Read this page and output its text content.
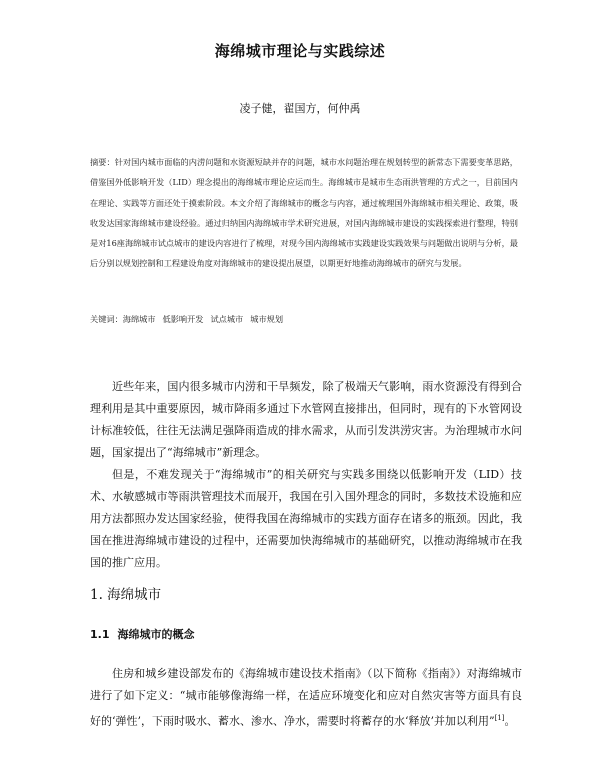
海绵城市理论与实践综述

凌子健，翟国方，何仲禹

摘要：针对国内城市面临的内涝问题和水资源短缺并存的问题，城市水问题治理在规划转型的新常态下需要变革思路，借鉴国外低影响开发（LID）理念提出的海绵城市理论应运而生。海绵城市是城市生态雨洪管理的方式之一，目前国内在理论、实践等方面还处于摸索阶段。本文介绍了海绵城市的概念与内容，通过梳理国外海绵城市相关理论、政策，吸收发达国家海绵城市建设经验。通过归纳国内海绵城市学术研究进展，对国内海绵城市建设的实践探索进行整理，特别是对16座海绵城市试点城市的建设内容进行了梳理，对现今国内海绵城市实践建设实践效果与问题做出说明与分析，最后分别以规划控制和工程建设角度对海绵城市的建设提出展望，以期更好地推动海绵城市的研究与发展。

关键词：海绵城市 低影响开发 试点城市 城市规划

近些年来，国内很多城市内涝和干旱频发，除了极端天气影响，雨水资源没有得到合理利用是其中重要原因，城市降雨多通过下水管网直接排出，但同时，现有的下水管网设计标准较低，往往无法满足强降雨造成的排水需求，从而引发洪涝灾害。为治理城市水问题，国家提出了“海绵城市”新理念。

但是，不难发现关于“海绵城市”的相关研究与实践多围绕以低影响开发（LID）技术、水敏感城市等雨洪管理技术而展开，我国在引入国外理念的同时，多数技术设施和应用方法都照办发达国家经验，使得我国在海绵城市的实践方面存在诸多的瓶颈。因此，我国在推进海绵城市建设的过程中，还需要加快海绵城市的基础研究，以推动海绵城市在我国的推广应用。

1. 海绵城市
1.1 海绵城市的概念

住房和城乡建设部发布的《海绵城市建设技术指南》（以下简称《指南》）对海绵城市进行了如下定义：“城市能够像海绵一样，在适应环境变化和应对自然灾害等方面具有良好的‘弹性’，下雨时吸水、蓄水、渗水、净水，需要时将蓄存的水‘释放’并加以利用”[1]。
